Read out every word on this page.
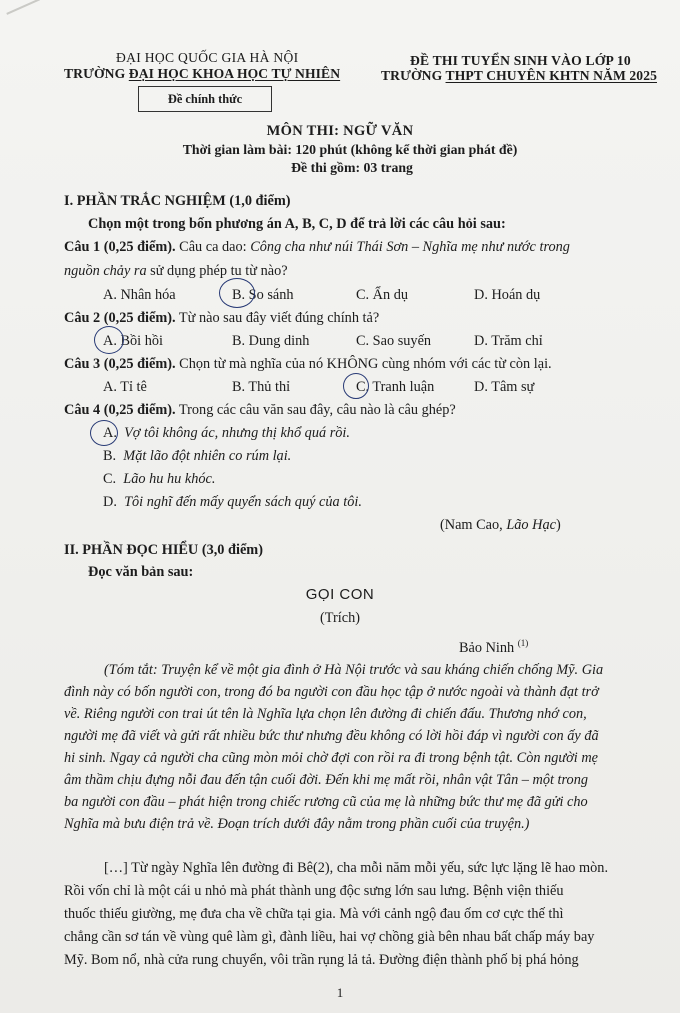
ĐẠI HỌC QUỐC GIA HÀ NỘI
TRƯỜNG ĐẠI HỌC KHOA HỌC TỰ NHIÊN
ĐỀ THI TUYỂN SINH VÀO LỚP 10
TRƯỜNG THPT CHUYÊN KHTN NĂM 2025
Đề chính thức
MÔN THI: NGỮ VĂN
Thời gian làm bài: 120 phút (không kể thời gian phát đề)
Đề thi gồm: 03 trang
I. PHẦN TRẮC NGHIỆM (1,0 điểm)
Chọn một trong bốn phương án A, B, C, D để trả lời các câu hỏi sau:
Câu 1 (0,25 điểm). Câu ca dao: Công cha như núi Thái Sơn – Nghĩa mẹ như nước trong
nguồn chảy ra sử dụng phép tu từ nào?
A. Nhân hóa	B. So sánh	C. Ẩn dụ	D. Hoán dụ
Câu 2 (0,25 điểm). Từ nào sau đây viết đúng chính tả?
A. Bồi hồi	B. Dung dinh	C. Sao suyến	D. Trăm chỉ
Câu 3 (0,25 điểm). Chọn từ mà nghĩa của nó KHÔNG cùng nhóm với các từ còn lại.
A. Tỉ tê	B. Thủ thỉ	C. Tranh luận	D. Tâm sự
Câu 4 (0,25 điểm). Trong các câu văn sau đây, câu nào là câu ghép?
A. Vợ tôi không ác, nhưng thị khổ quá rồi.
B. Mặt lão đột nhiên co rúm lại.
C. Lão hu hu khóc.
D. Tôi nghĩ đến mấy quyển sách quý của tôi.
(Nam Cao, Lão Hạc)
II. PHẦN ĐỌC HIỂU (3,0 điểm)
Đọc văn bản sau:
GỌI CON
(Trích)
Bảo Ninh $^{(1)}$
(Tóm tắt: Truyện kể về một gia đình ở Hà Nội trước và sau kháng chiến chống Mỹ. Gia
đình này có bốn người con, trong đó ba người con đầu học tập ở nước ngoài và thành đạt trở
về. Riêng người con trai út tên là Nghĩa lựa chọn lên đường đi chiến đấu. Thương nhớ con,
người mẹ đã viết và gửi rất nhiều bức thư nhưng đều không có lời hồi đáp vì người con ấy đã
hi sinh. Ngay cả người cha cũng mòn mỏi chờ đợi con rồi ra đi trong bệnh tật. Còn người mẹ
âm thầm chịu đựng nỗi đau đến tận cuối đời. Đến khi mẹ mất rồi, nhân vật Tân – một trong
ba người con đầu – phát hiện trong chiếc rương cũ của mẹ là những bức thư mẹ đã gửi cho
Nghĩa mà bưu điện trả về. Đoạn trích dưới đây nằm trong phần cuối của truyện.)
[…] Từ ngày Nghĩa lên đường đi Bê(2), cha mỗi năm mỗi yếu, sức lực lặng lẽ hao mòn.
Rồi vốn chỉ là một cái u nhỏ mà phát thành ung độc sưng lớn sau lưng. Bệnh viện thiếu
thuốc thiếu giường, mẹ đưa cha về chữa tại gia. Mà với cảnh ngộ đau ốm cơ cực thế thì
chẳng cần sơ tán về vùng quê làm gì, đành liều, hai vợ chồng già bên nhau bất chấp máy bay
Mỹ. Bom nổ, nhà cửa rung chuyển, vôi trần rụng lả tả. Đường điện thành phố bị phá hỏng
1
